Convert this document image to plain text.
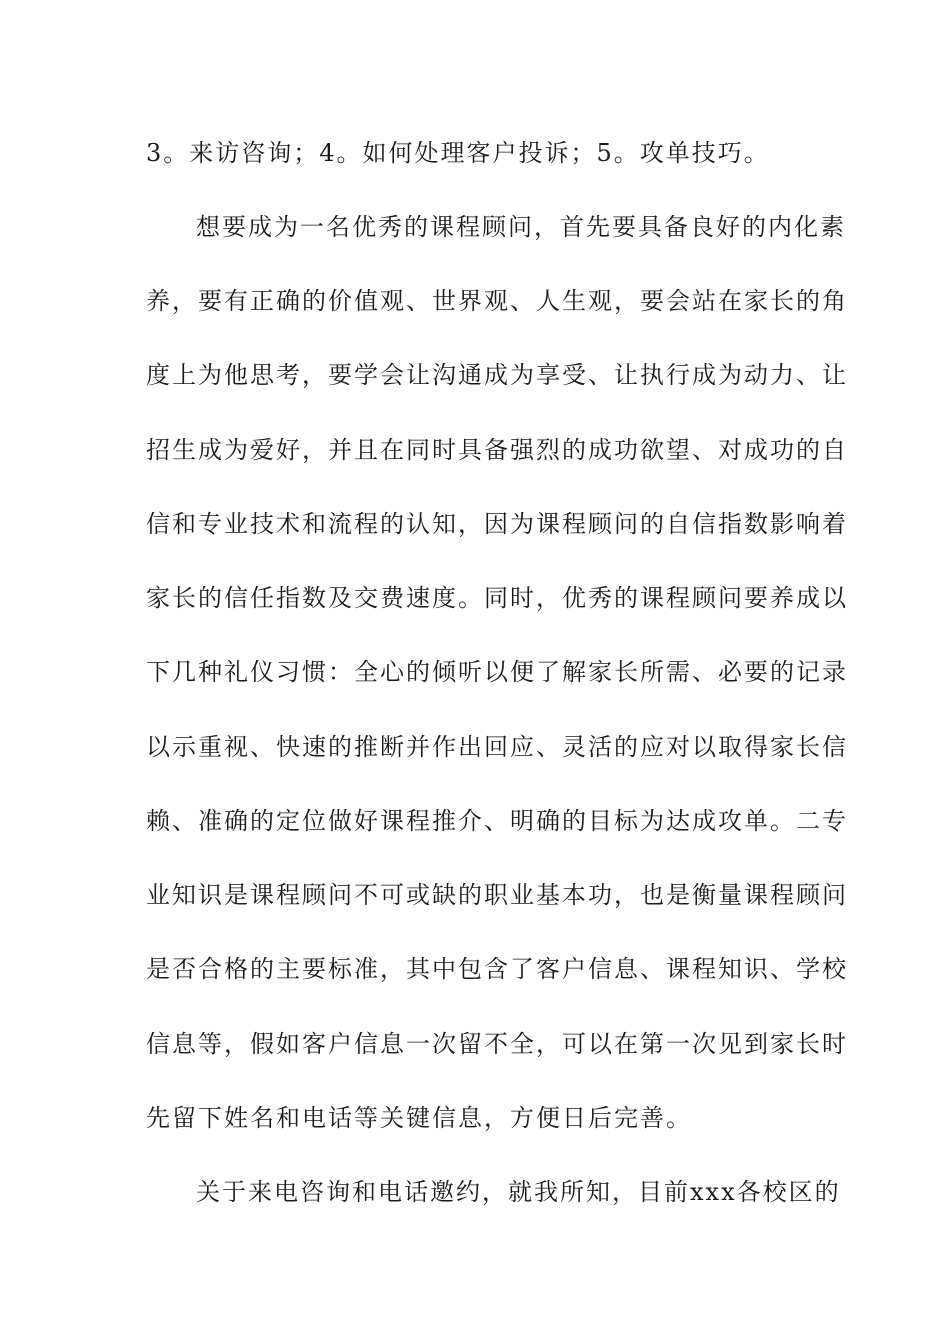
3。来访咨询；4。如何处理客户投诉；5。攻单技巧。
想要成为一名优秀的课程顾问，首先要具备良好的内化素
养，要有正确的价值观、世界观、人生观，要会站在家长的角
度上为他思考，要学会让沟通成为享受、让执行成为动力、让
招生成为爱好，并且在同时具备强烈的成功欲望、对成功的自
信和专业技术和流程的认知，因为课程顾问的自信指数影响着
家长的信任指数及交费速度。同时，优秀的课程顾问要养成以
下几种礼仪习惯：全心的倾听以便了解家长所需、必要的记录
以示重视、快速的推断并作出回应、灵活的应对以取得家长信
赖、准确的定位做好课程推介、明确的目标为达成攻单。二专
业知识是课程顾问不可或缺的职业基本功，也是衡量课程顾问
是否合格的主要标准，其中包含了客户信息、课程知识、学校
信息等，假如客户信息一次留不全，可以在第一次见到家长时
先留下姓名和电话等关键信息，方便日后完善。
关于来电咨询和电话邀约，就我所知，目前xxx各校区的
